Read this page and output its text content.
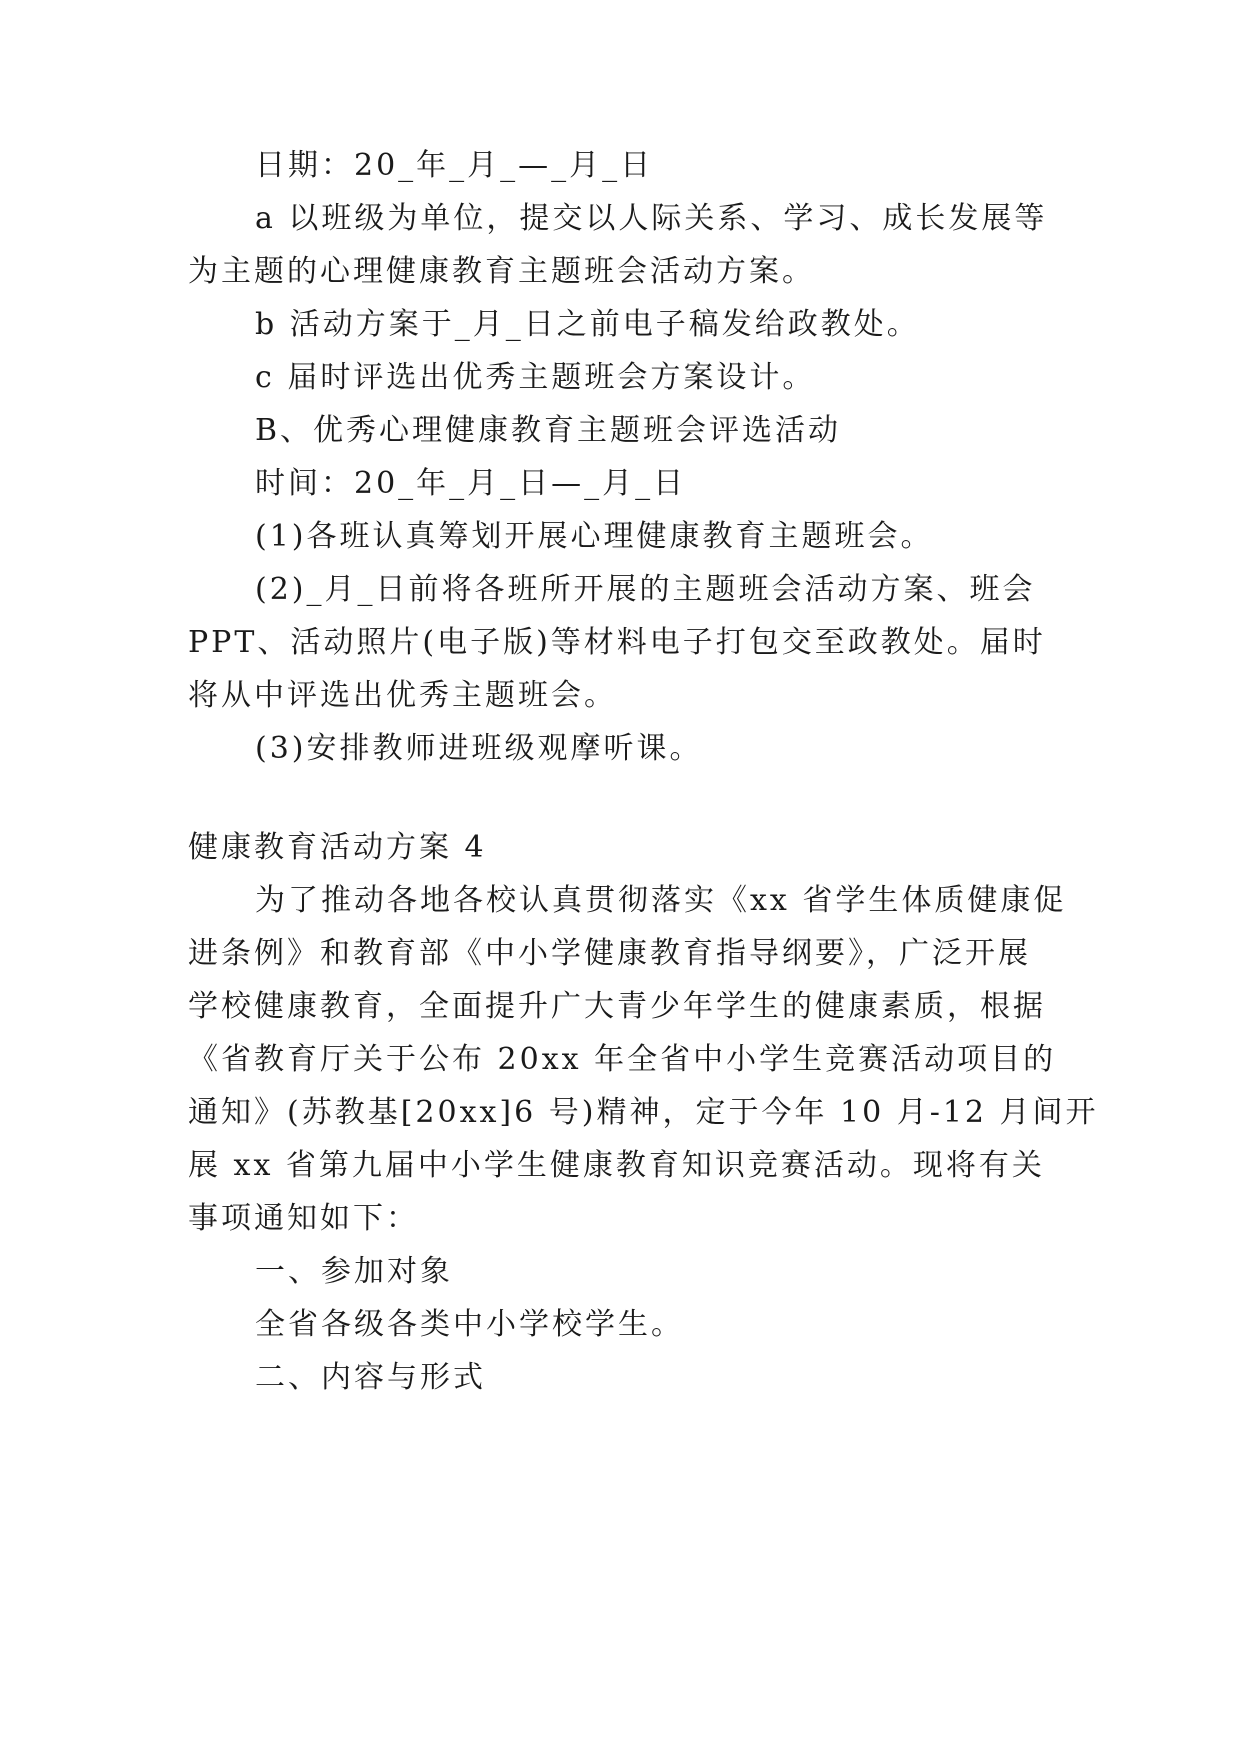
日期：20_年_月_—_月_日
a 以班级为单位，提交以人际关系、学习、成长发展等
为主题的心理健康教育主题班会活动方案。
b 活动方案于_月_日之前电子稿发给政教处。
c 届时评选出优秀主题班会方案设计。
B、优秀心理健康教育主题班会评选活动
时间：20_年_月_日—_月_日
(1)各班认真筹划开展心理健康教育主题班会。
(2)_月_日前将各班所开展的主题班会活动方案、班会
PPT、活动照片(电子版)等材料电子打包交至政教处。届时
将从中评选出优秀主题班会。
(3)安排教师进班级观摩听课。
健康教育活动方案 4
为了推动各地各校认真贯彻落实《xx 省学生体质健康促
进条例》和教育部《中小学健康教育指导纲要》，广泛开展
学校健康教育，全面提升广大青少年学生的健康素质，根据
《省教育厅关于公布 20xx 年全省中小学生竞赛活动项目的
通知》(苏教基[20xx]6 号)精神，定于今年 10 月-12 月间开
展 xx 省第九届中小学生健康教育知识竞赛活动。现将有关
事项通知如下：
一、参加对象
全省各级各类中小学校学生。
二、内容与形式
